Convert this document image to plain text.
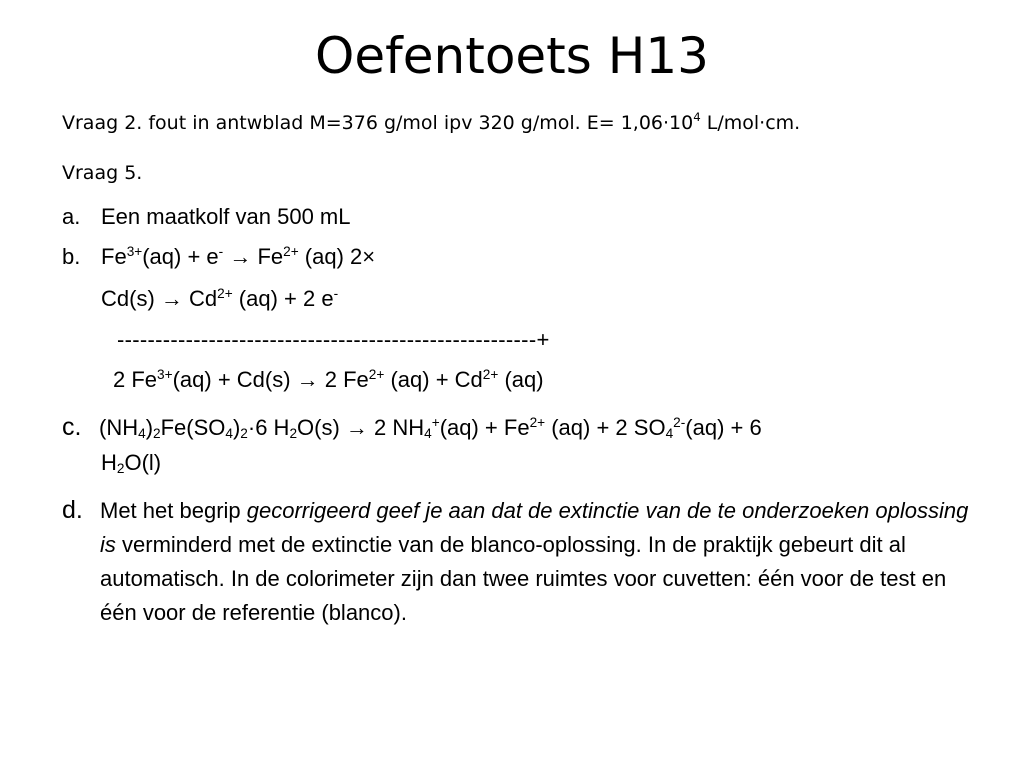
Oefentoets H13
Vraag 2. fout in antwblad M=376 g/mol ipv 320 g/mol. $E= 1,06\cdot 10^4$ L/mol·cm.
Vraag 5.
a. Een maatkolf van 500 mL
b. $Fe^{3+}(aq) + e^- \to Fe^{2+}$ (aq) 2×
$Cd(s) \to Cd^{2+}$ (aq) + 2 e-
-------------------------------------------------------+
2 $Fe^{3+}(aq) + Cd(s) \to 2$ $Fe^{2+}$ $(aq) + Cd^{2+}$ (aq)
c. $(NH_4)_2Fe(SO_4)_2\cdot 6$ $H_2O(s) \to 2$ $NH_4^+(aq) + Fe^{2+}$ (aq) + 2 $SO_4^{2-}(aq) + 6$
$H_2O(l)$
d. Met het begrip gecorrigeerd geef je aan dat de extinctie van de te onderzoeken oplossing is verminderd met de extinctie van de blanco-oplossing. In de praktijk gebeurt dit al automatisch. In de colorimeter zijn dan twee ruimtes voor cuvetten: één voor de test en één voor de referentie (blanco).
